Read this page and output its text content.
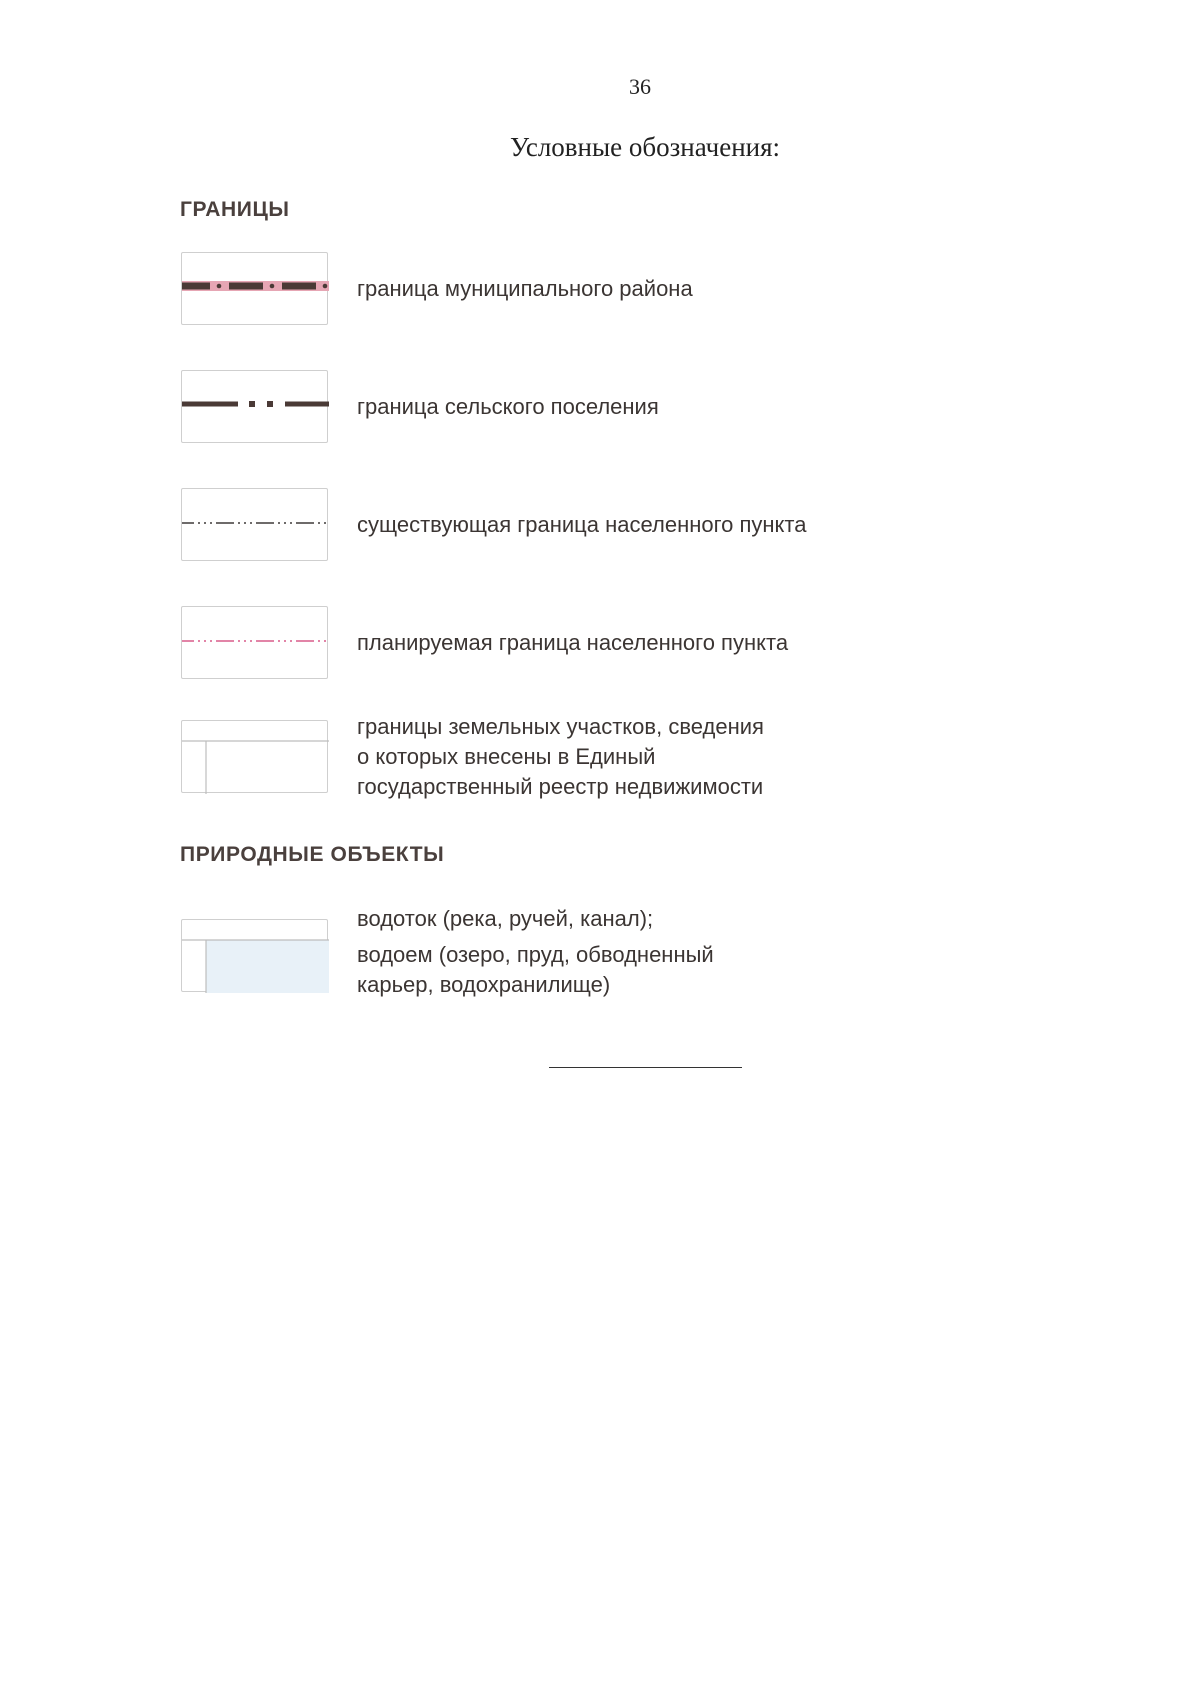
36
Условные обозначения:
ГРАНИЦЫ
граница муниципального района
граница сельского поселения
существующая граница населенного пункта
планируемая граница населенного пункта
границы земельных участков, сведения
о которых внесены в Единый
государственный реестр недвижимости
ПРИРОДНЫЕ ОБЪЕКТЫ
водоток (река, ручей, канал);
водоем (озеро, пруд, обводненный
карьер, водохранилище)
